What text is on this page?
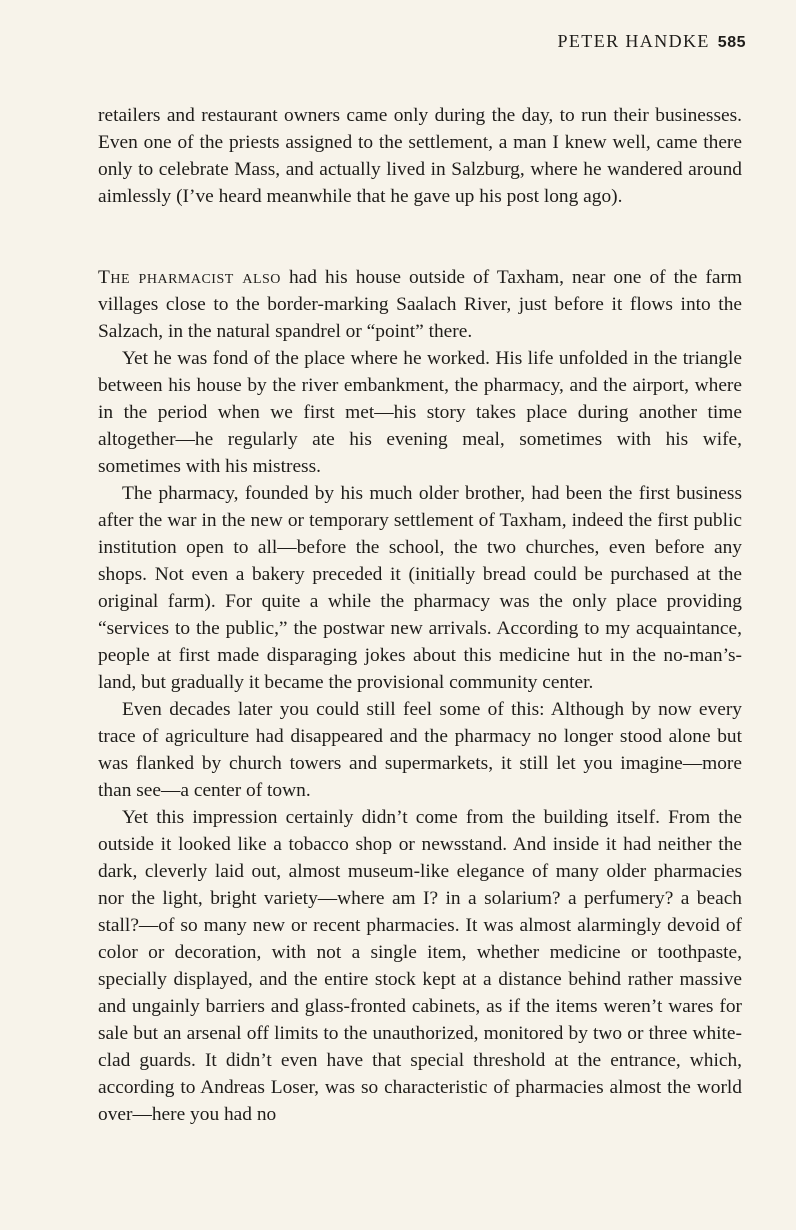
PETER HANDKE 585

retailers and restaurant owners came only during the day, to run their businesses. Even one of the priests assigned to the settlement, a man I knew well, came there only to celebrate Mass, and actually lived in Salzburg, where he wandered around aimlessly (I’ve heard meanwhile that he gave up his post long ago).

The pharmacist also had his house outside of Taxham, near one of the farm villages close to the border-marking Saalach River, just before it flows into the Salzach, in the natural spandrel or “point” there.

Yet he was fond of the place where he worked. His life unfolded in the triangle between his house by the river embankment, the pharmacy, and the airport, where in the period when we first met—his story takes place during another time altogether—he regularly ate his evening meal, sometimes with his wife, sometimes with his mistress.

The pharmacy, founded by his much older brother, had been the first business after the war in the new or temporary settlement of Taxham, indeed the first public institution open to all—before the school, the two churches, even before any shops. Not even a bakery preceded it (initially bread could be purchased at the original farm). For quite a while the pharmacy was the only place providing “services to the public,” the postwar new arrivals. According to my acquaintance, people at first made disparaging jokes about this medicine hut in the no-man’s-land, but gradually it became the provisional community center.

Even decades later you could still feel some of this: Although by now every trace of agriculture had disappeared and the pharmacy no longer stood alone but was flanked by church towers and supermarkets, it still let you imagine—more than see—a center of town.

Yet this impression certainly didn’t come from the building itself. From the outside it looked like a tobacco shop or newsstand. And inside it had neither the dark, cleverly laid out, almost museum-like elegance of many older pharmacies nor the light, bright variety—where am I? in a solarium? a perfumery? a beach stall?—of so many new or recent pharmacies. It was almost alarmingly devoid of color or decoration, with not a single item, whether medicine or toothpaste, specially displayed, and the entire stock kept at a distance behind rather massive and ungainly barriers and glass-fronted cabinets, as if the items weren’t wares for sale but an arsenal off limits to the unauthorized, monitored by two or three white-clad guards. It didn’t even have that special threshold at the entrance, which, according to Andreas Loser, was so characteristic of pharmacies almost the world over—here you had no
